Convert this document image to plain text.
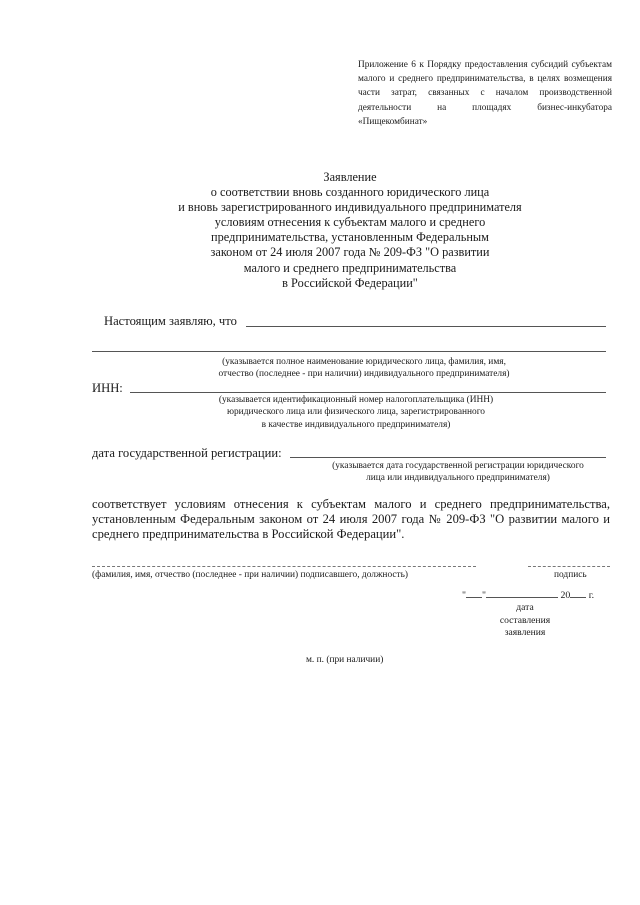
Приложение 6 к Порядку предоставления субсидий субъектам малого и среднего предпринимательства, в целях возмещения части затрат, связанных с началом производственной деятельности на площадях бизнес-инкубатора «Пищекомбинат»
Заявление
о соответствии вновь созданного юридического лица
и вновь зарегистрированного индивидуального предпринимателя
условиям отнесения к субъектам малого и среднего
предпринимательства, установленным Федеральным
законом от 24 июля 2007 года № 209-ФЗ "О развитии
малого и среднего предпринимательства
в Российской Федерации"
Настоящим заявляю, что
(указывается полное наименование юридического лица, фамилия, имя,
отчество (последнее - при наличии) индивидуального предпринимателя)
ИНН:
(указывается идентификационный номер налогоплательщика (ИНН)
юридического лица или физического лица, зарегистрированного
в качестве индивидуального предпринимателя)
дата государственной регистрации:
(указывается дата государственной регистрации юридического
лица или индивидуального предпринимателя)
соответствует условиям отнесения к субъектам малого и среднего предпринимательства, установленным Федеральным законом от 24 июля 2007 года № 209-ФЗ "О развитии малого и среднего предпринимательства в Российской Федерации".
(фамилия, имя, отчество (последнее - при наличии) подписавшего, должность)	подпись
" "	20 г.
дата
составления
заявления
м. п. (при наличии)
